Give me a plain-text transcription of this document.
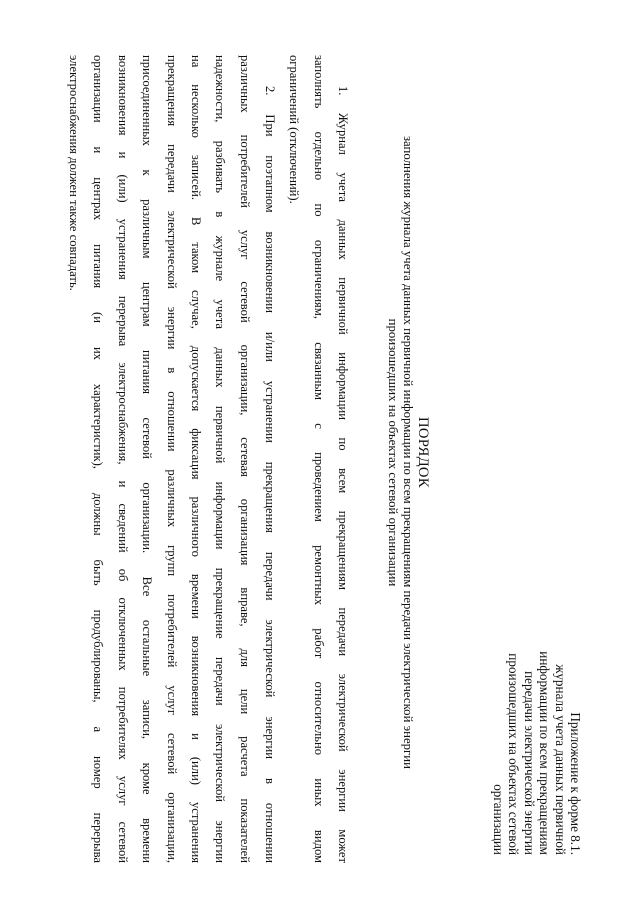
Приложение к форме 8.1.
журнала учета данных первичной
информации по всем прекращениям
передачи электрической энергии
произошедших на объектах сетевой
организации
ПОРЯДОК
заполнения журнала учета данных первичной информации по всем прекращениям передачи электрической энергии
произошедших на объектах сетевой организации
1. Журнал учета данных первичной информации по всем прекращениям передачи электрической энергии может
заполнять отдельно по ограничениям, связанным с проведением ремонтных работ относительно иных видом
ограничений (отключений).
2. При поэтапном возникновении и/или устранении прекращения передачи электрической энергии в отношении
различных потребителей услуг сетевой организации, сетевая организация вправе, для цели расчета показателей
надежности, разбивать в журнале учета данных первичной информации прекращение передачи электрической энергии
на несколько записей. В таком случае, допускается фиксация различного времени возникновения и (или) устранения
прекращения передачи электрической энергии в отношении различных групп потребителей услуг сетевой организации,
присоединенных к различным центрам питания сетевой организации. Все остальные записи, кроме времени
возникновения и (или) устранения перерыва электроснабжения, и сведений об отключенных потребителях услуг сетевой
организации и центрах питания (и их характеристик), должны быть продублированы, а номер перерыва
электроснабжения должен также совпадать.
